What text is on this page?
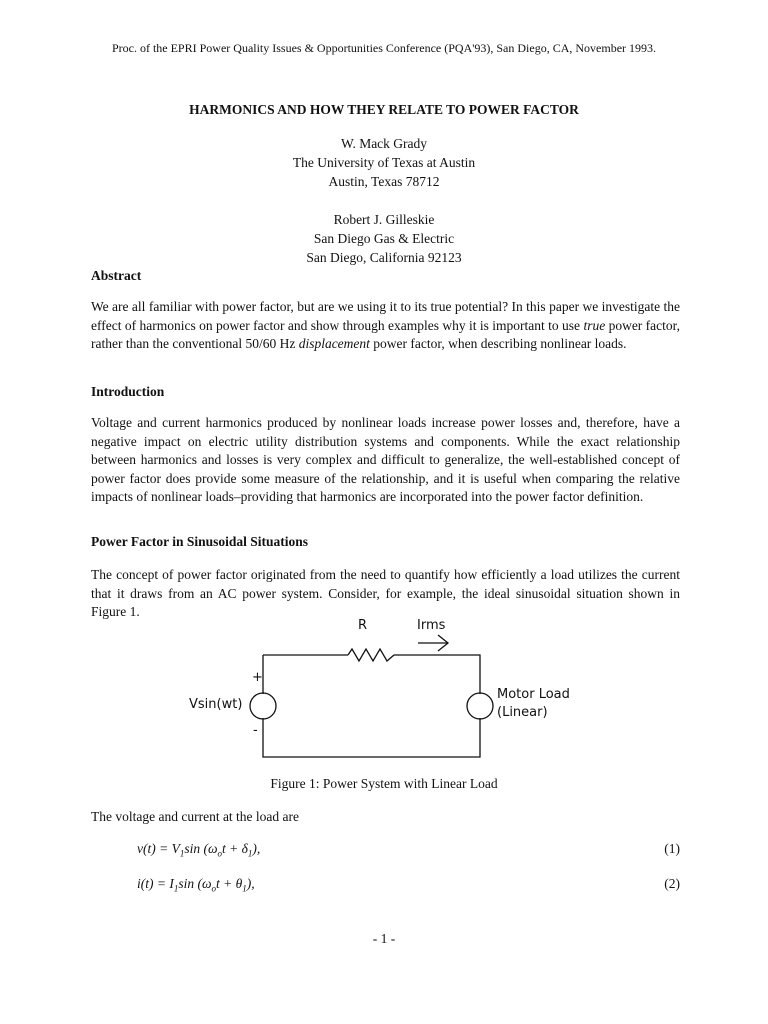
Proc. of the EPRI Power Quality Issues & Opportunities Conference (PQA'93), San Diego, CA, November 1993.
HARMONICS AND HOW THEY RELATE TO POWER FACTOR
W. Mack Grady
The University of Texas at Austin
Austin, Texas 78712
Robert J. Gilleskie
San Diego Gas & Electric
San Diego, California 92123
Abstract
We are all familiar with power factor, but are we using it to its true potential? In this paper we investigate the effect of harmonics on power factor and show through examples why it is important to use true power factor, rather than the conventional 50/60 Hz displacement power factor, when describing nonlinear loads.
Introduction
Voltage and current harmonics produced by nonlinear loads increase power losses and, therefore, have a negative impact on electric utility distribution systems and components. While the exact relationship between harmonics and losses is very complex and difficult to generalize, the well-established concept of power factor does provide some measure of the relationship, and it is useful when comparing the relative impacts of nonlinear loads–providing that harmonics are incorporated into the power factor definition.
Power Factor in Sinusoidal Situations
The concept of power factor originated from the need to quantify how efficiently a load utilizes the current that it draws from an AC power system. Consider, for example, the ideal sinusoidal situation shown in Figure 1.
R	Irms
+
Vsin(wt)
-
Motor Load
(Linear)
Figure 1: Power System with Linear Load
The voltage and current at the load are
$v(t) = V_1\sin$ $(\omega_ot + \delta_1)$,	(1)
$i(t) = I_1\sin$ $(\omega_ot + \theta_1)$,	(2)
- 1 -
